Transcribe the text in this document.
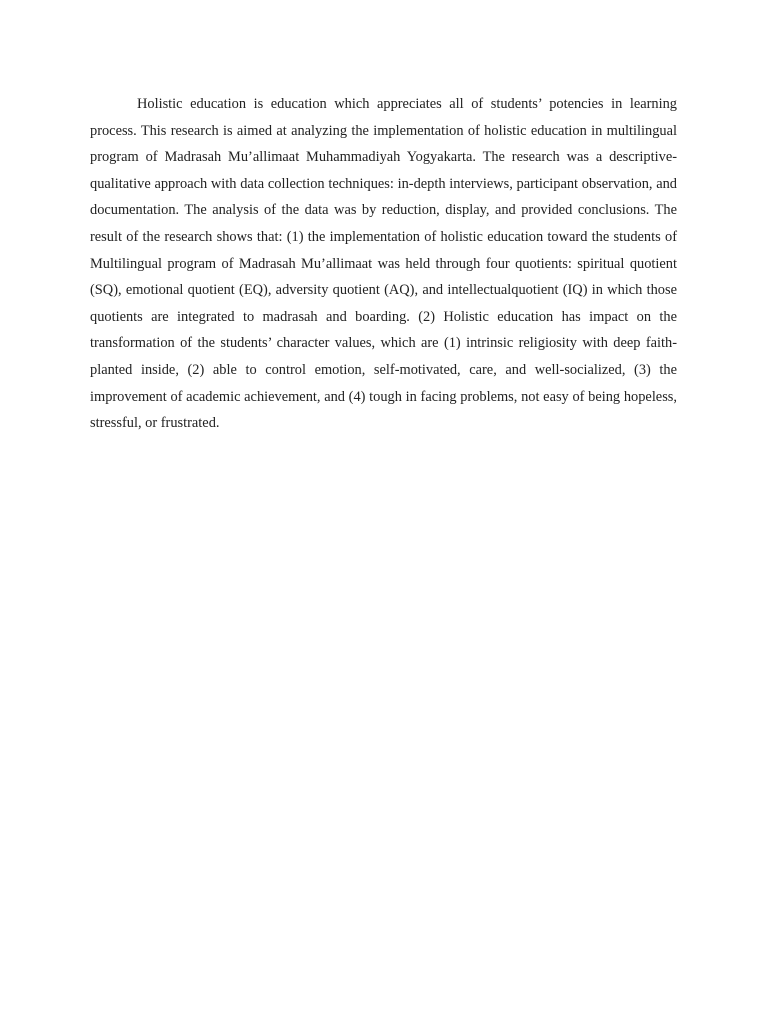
Holistic education is education which appreciates all of students’ potencies in learning process. This research is aimed at analyzing the implementation of holistic education in multilingual program of Madrasah Mu’allimaat Muhammadiyah Yogyakarta. The research was a descriptive-qualitative approach with data collection techniques: in-depth interviews, participant observation, and documentation. The analysis of the data was by reduction, display, and provided conclusions. The result of the research shows that: (1) the implementation of holistic education toward the students of Multilingual program of Madrasah Mu’allimaat was held through four quotients: spiritual quotient (SQ), emotional quotient (EQ), adversity quotient (AQ), and intellectualquotient (IQ) in which those quotients are integrated to madrasah and boarding. (2) Holistic education has impact on the transformation of the students’ character values, which are (1) intrinsic religiosity with deep faith-planted inside, (2) able to control emotion, self-motivated, care, and well-socialized, (3) the improvement of academic achievement, and (4) tough in facing problems, not easy of being hopeless, stressful, or frustrated.
